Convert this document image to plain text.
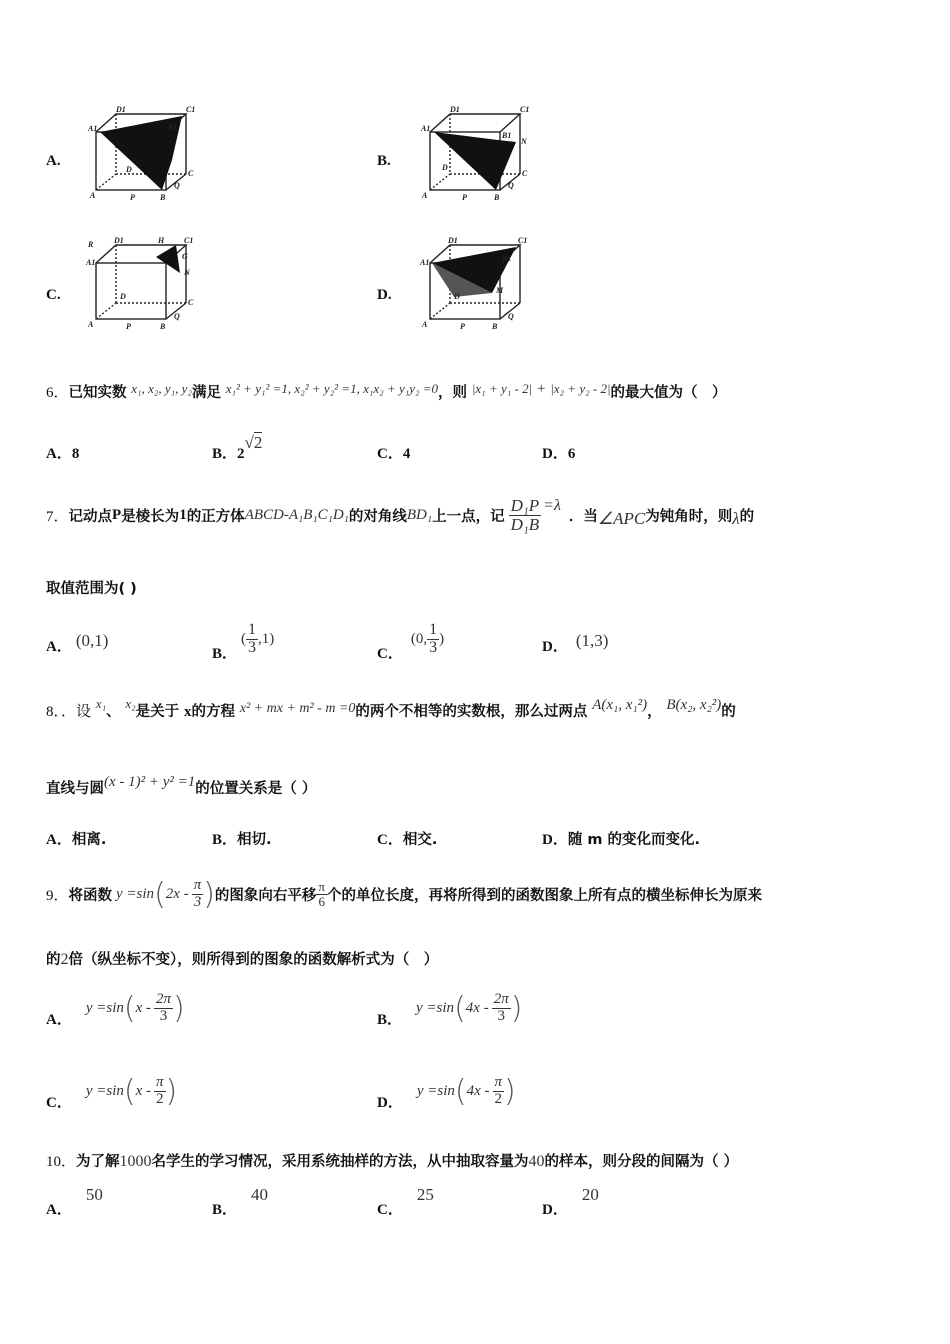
A.
D1	C1
A1	B1
D	C
A	P	B
Q
B.
D1	C1
A1
B1
N
D
C
A	P	B
Q
C.
R	D1	H C1
A1
G
N
D
C
A	P	B
Q
D.
D1	C1
A1	B1
D
M
A	P	B
Q
6．已知实数 x₁, x₂, y₁, y₂满足 x₁² + y₁² =1, x₂² + y₂² =1, x₁x₂ + y₁y₂ =0，则 |x₁ + y₁ - 2| + |x₂ + y₂ - 2|的最大值为（　）
A．8	B．2√2
C．4	D．6
7． 记动点 P 是棱长为 1 的正方体 ABCD-A₁B₁C₁D₁ 的对角线 BD₁ 上一点，记 $\frac{\text{D₁P}}{\text{D₁B}} =\lambda$
．当 ∠APC 为钝角时，则 λ 的
取值范围为( )
A． (0,1)
B．
( $\frac{1}{3} ,1$)
C．
(0, $\frac{1}{3}$ )
D． (1,3)
8．．设 x₁、 x₂是关于 x的方程 x² + mx + m² - m =0的两个不相等的实数根，那么过两点 A(x₁, x₁²)， B(x₂, x₂²)的
直线与圆(x - 1)² + y² =1的位置关系是（ ）
A．相离.	B．相切.	C．相交.	D．随 m 的变化而变化.
9． 将函数 y =sin ( $2x - \frac{\pi}{3}$ ) 的图象向右平移 $\frac{\pi}{6}$ 个的单位长度，再将所得到的函数图象上所有点的横坐标伸长为原来
的2倍（纵坐标不变），则所得到的图象的函数解析式为（　）
A．
y =sin ( x - $\frac{2\pi}{3}$ )	B．
y =sin ( $4x - \frac{2\pi}{3}$ )
C．
y =sin ( x - $\frac{\pi}{2}$ )	D．
y =sin ( $4x - \frac{\pi}{2}$ )
10．为了解1000名学生的学习情况，采用系统抽样的方法，从中抽取容量为40的样本，则分段的间隔为（ ）
A．50
B．40
C．25
D．20
